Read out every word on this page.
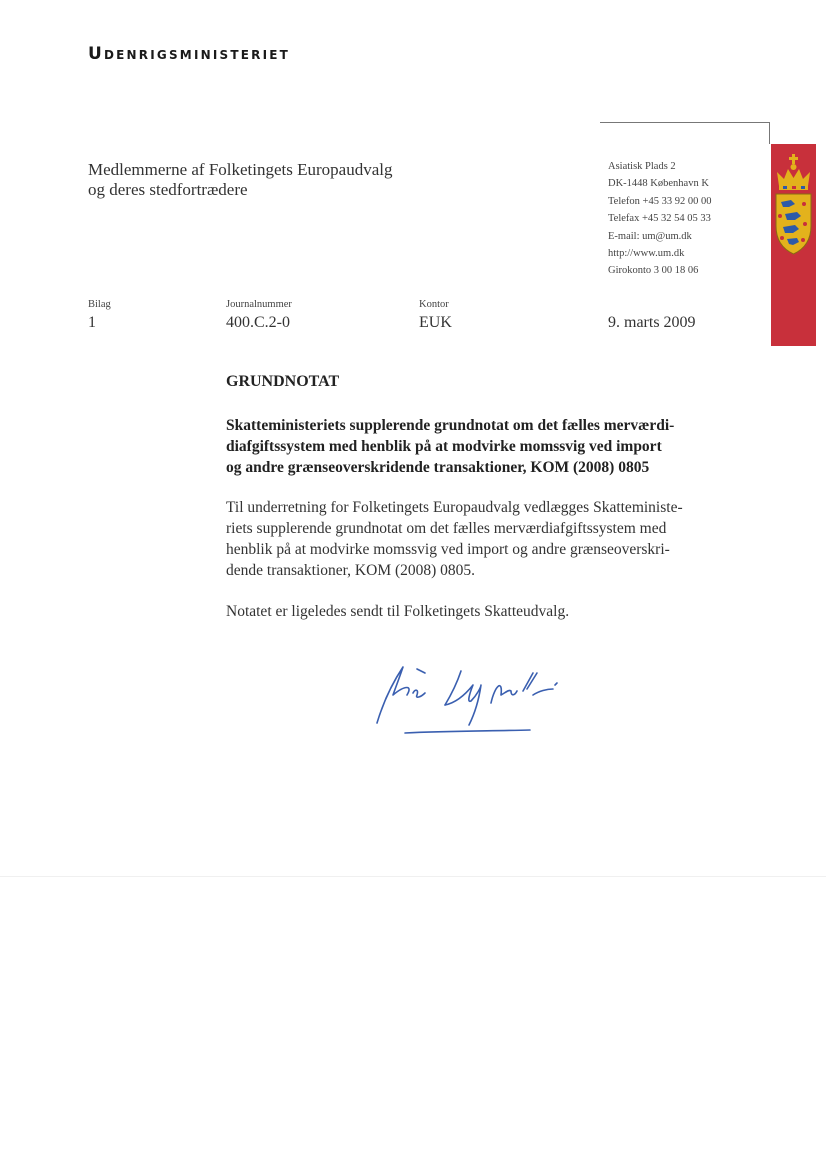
Udenrigsministeriet
Medlemmerne af Folketingets Europaudvalg
og deres stedfortrædere
Asiatisk Plads 2
DK-1448 København K
Telefon +45 33 92 00 00
Telefax +45 32 54 05 33
E-mail: um@um.dk
http://www.um.dk
Girokonto 3 00 18 06
Bilag
1
Journalnummer
400.C.2-0
Kontor
EUK	9. marts 2009
GRUNDNOTAT
Skatteministeriets supplerende grundnotat om det fælles merværdi-
diafgiftssystem med henblik på at modvirke momssvig ved import
og andre grænseoverskridende transaktioner, KOM (2008) 0805

Til underretning for Folketingets Europaudvalg vedlægges Skatteministe-
riets supplerende grundnotat om det fælles merværdiafgiftssystem med
henblik på at modvirke momssvig ved import og andre grænseoverskri-
dende transaktioner, KOM (2008) 0805.

Notatet er ligeledes sendt til Folketingets Skatteudvalg.
